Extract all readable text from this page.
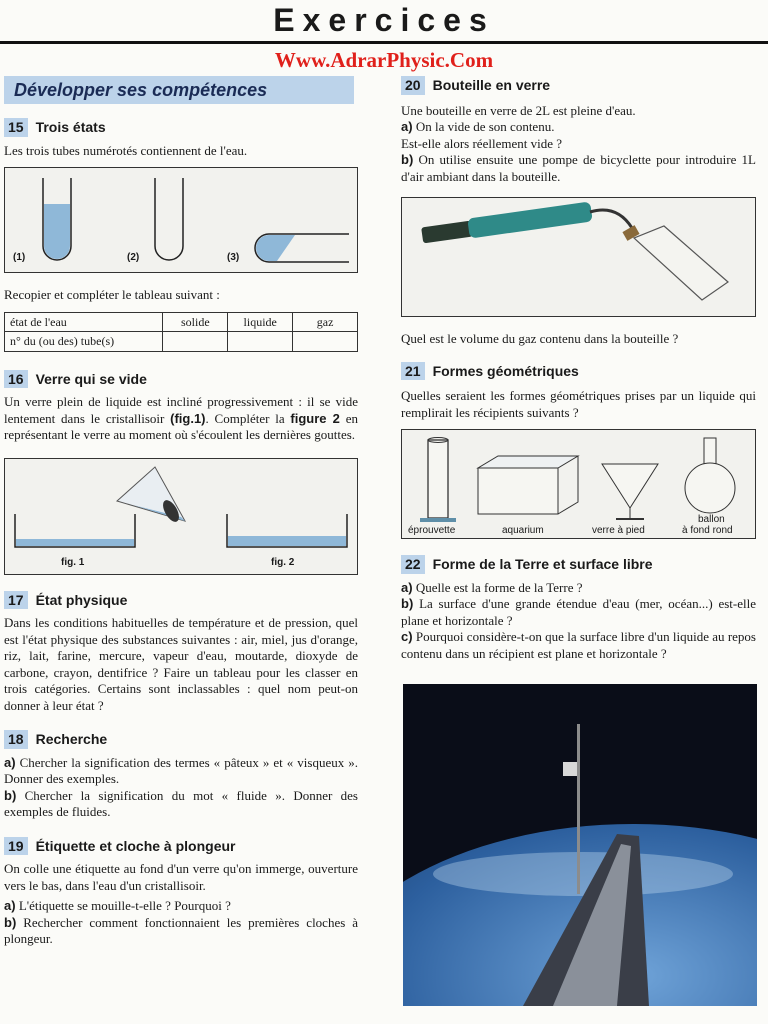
Exercices
Www.AdrarPhysic.Com
Développer ses compétences
15 Trois états

Les trois tubes numérotés contiennent de l'eau.

(1)	(2)	(3)

Recopier et compléter le tableau suivant :

état de l'eau	solide	liquide	gaz
n° du (ou des) tube(s)			
16 Verre qui se vide

Un verre plein de liquide est incliné progressivement : il se vide lentement dans le cristallisoir (fig.1). Compléter la figure 2 en représentant le verre au moment où s'écoulent les dernières gouttes.

fig. 1	fig. 2
17 État physique

Dans les conditions habituelles de température et de pression, quel est l'état physique des substances suivantes : air, miel, jus d'orange, riz, lait, farine, mercure, vapeur d'eau, moutarde, dioxyde de carbone, crayon, dentifrice ? Faire un tableau pour les classer en trois catégories. Certains sont inclassables : quel nom peut-on donner à leur état ?

18 Recherche

a) Chercher la signification des termes « pâteux » et « visqueux ». Donner des exemples.

b) Chercher la signification du mot « fluide ». Donner des exemples de fluides.

19 Étiquette et cloche à plongeur

On colle une étiquette au fond d'un verre qu'on immerge, ouverture vers le bas, dans l'eau d'un cristallisoir.

a) L'étiquette se mouille-t-elle ? Pourquoi ?

b) Rechercher comment fonctionnaient les premières cloches à plongeur.

20 Bouteille en verre

Une bouteille en verre de 2L est pleine d'eau.

a) On la vide de son contenu.

Est-elle alors réellement vide ?

b) On utilise ensuite une pompe de bicyclette pour introduire 1L d'air ambiant dans la bouteille.

Quel est le volume du gaz contenu dans la bouteille ?

21 Formes géométriques

Quelles seraient les formes géométriques prises par un liquide qui remplirait les récipients suivants ?

éprouvette	aquarium	verre à pied
ballon
à fond rond
22 Forme de la Terre et surface libre

a) Quelle est la forme de la Terre ?

b) La surface d'une grande étendue d'eau (mer, océan...) est-elle plane et horizontale ?

c) Pourquoi considère-t-on que la surface libre d'un liquide au repos contenu dans un récipient est plane et horizontale ?
